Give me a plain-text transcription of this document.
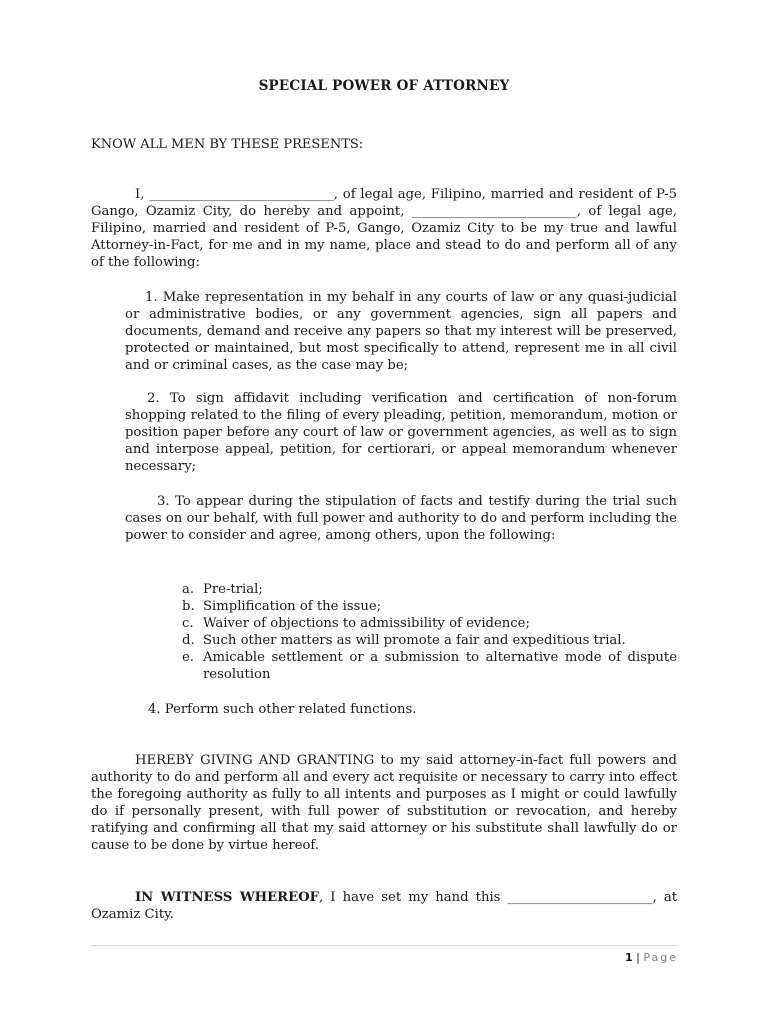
SPECIAL POWER OF ATTORNEY
KNOW ALL MEN BY THESE PRESENTS:
I, ____________________________, of legal age, Filipino, married and resident of P-5 Gango, Ozamiz City, do hereby and appoint, _________________________, of legal age, Filipino, married and resident of P-5, Gango, Ozamiz City to be my true and lawful Attorney-in-Fact, for me and in my name, place and stead to do and perform all of any of the following:
1. Make representation in my behalf in any courts of law or any quasi-judicial or administrative bodies, or any government agencies, sign all papers and documents, demand and receive any papers so that my interest will be preserved, protected or maintained, but most specifically to attend, represent me in all civil and or criminal cases, as the case may be;
2. To sign affidavit including verification and certification of non-forum shopping related to the filing of every pleading, petition, memorandum, motion or position paper before any court of law or government agencies, as well as to sign and interpose appeal, petition, for certiorari, or appeal memorandum whenever necessary;
3. To appear during the stipulation of facts and testify during the trial such cases on our behalf, with full power and authority to do and perform including the power to consider and agree, among others, upon the following:
a. Pre-trial;
b. Simplification of the issue;
c. Waiver of objections to admissibility of evidence;
d. Such other matters as will promote a fair and expeditious trial.
e. Amicable settlement or a submission to alternative mode of dispute resolution
4. Perform such other related functions.
HEREBY GIVING AND GRANTING to my said attorney-in-fact full powers and authority to do and perform all and every act requisite or necessary to carry into effect the foregoing authority as fully to all intents and purposes as I might or could lawfully do if personally present, with full power of substitution or revocation, and hereby ratifying and confirming all that my said attorney or his substitute shall lawfully do or cause to be done by virtue hereof.
IN WITNESS WHEREOF, I have set my hand this ______________________, at Ozamiz City.
1 | Page
